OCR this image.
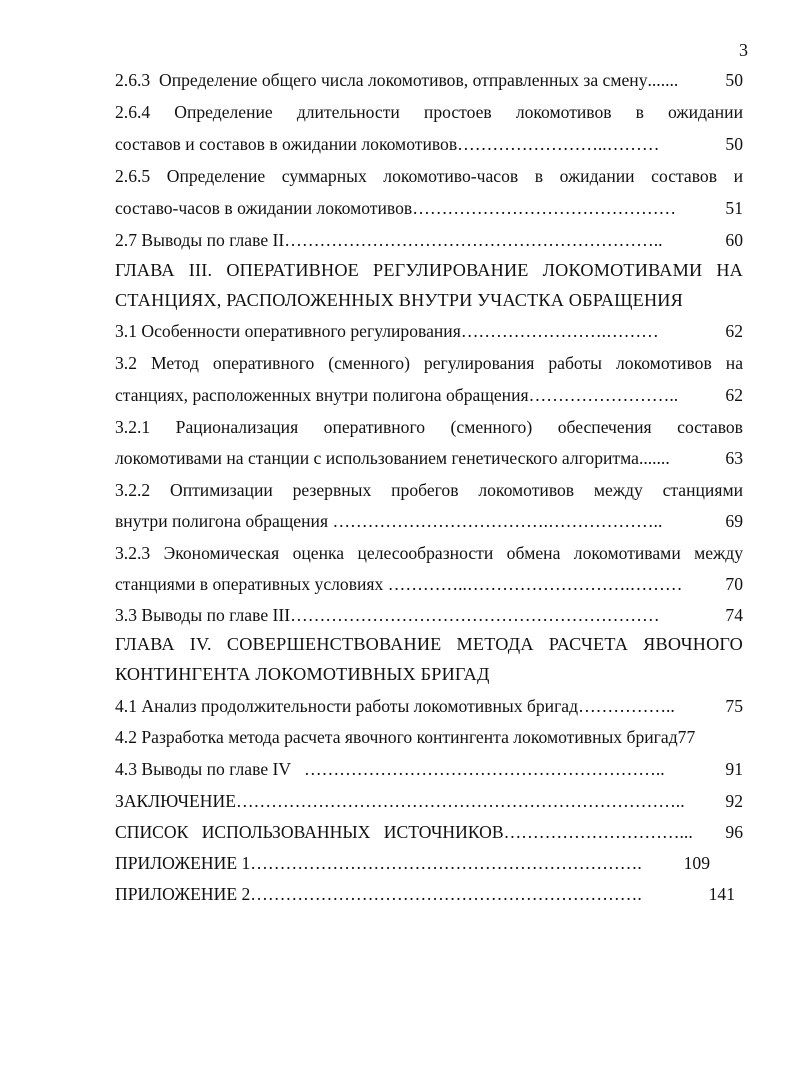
3
2.6.3  Определение общего числа локомотивов, отправленных за смену .......	50
2.6.4 Определение длительности простоев локомотивов в ожидании
составов и составов в ожидании локомотивов ……………………..………	50
2.6.5 Определение суммарных локомотиво-часов в ожидании составов и
составо-часов в ожидании локомотивов ………………………………………	51
2.7 Выводы по главе II ………………………………………………………..	60
ГЛАВА III. ОПЕРАТИВНОЕ РЕГУЛИРОВАНИЕ ЛОКОМОТИВАМИ НА
СТАНЦИЯХ, РАСПОЛОЖЕННЫХ ВНУТРИ УЧАСТКА ОБРАЩЕНИЯ
3.1 Особенности оперативного регулирования …………………….………	62
3.2 Метод оперативного (сменного) регулирования работы локомотивов на
станциях, расположенных внутри полигона обращения ……………………..	62
3.2.1 Рационализация оперативного (сменного) обеспечения составов
локомотивами на станции с использованием генетического алгоритма .......	63
3.2.2 Оптимизации резервных пробегов локомотивов между станциями
внутри полигона обращения ……………………………….………………..	69
3.2.3 Экономическая оценка целесообразности обмена локомотивами между
станциями в оперативных условиях …………..……………………….………	70
3.3 Выводы по главе III ………………………………………………………	74
ГЛАВА IV. СОВЕРШЕНСТВОВАНИЕ МЕТОДА РАСЧЕТА ЯВОЧНОГО
КОНТИНГЕНТА ЛОКОМОТИВНЫХ БРИГАД
4.1 Анализ продолжительности работы локомотивных бригад ……………..	75
4.2 Разработка метода расчета явочного контингента локомотивных бригад77
4.3 Выводы по главе IV ……………………………………………………..	91
ЗАКЛЮЧЕНИЕ …………………………………………………………………..	92
СПИСОК ИСПОЛЬЗОВАННЫХ ИСТОЧНИКОВ …………………………...	96
ПРИЛОЖЕНИЕ 1 ………………………………………………………….	109
ПРИЛОЖЕНИЕ 2 ………………………………………………………….	141
